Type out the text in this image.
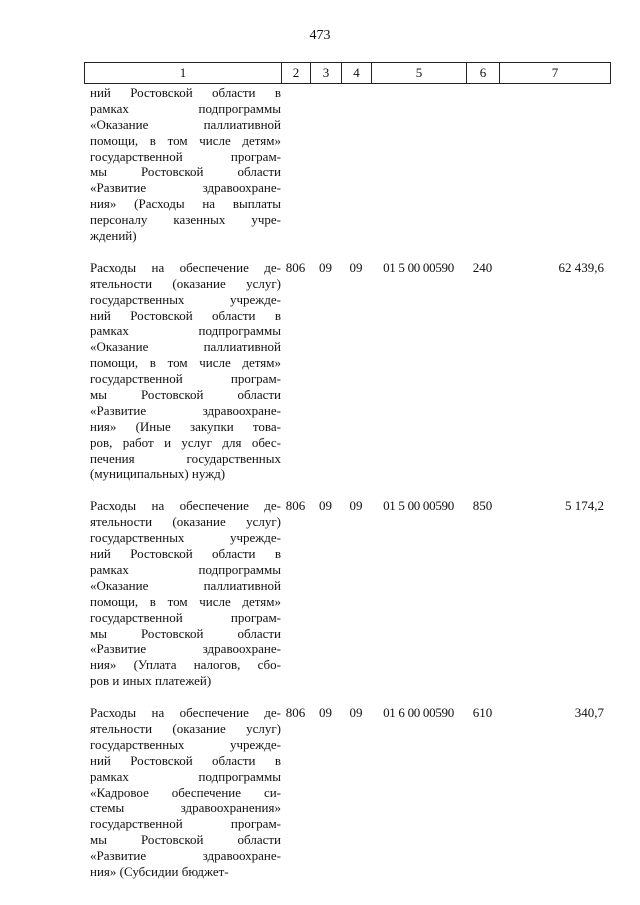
473
1	2	3	4	5	6	7
ний Ростовской области в
рамках подпрограммы
«Оказание паллиативной
помощи, в том числе детям»
государственной програм-
мы Ростовской области
«Развитие здравоохране-
ния» (Расходы на выплаты
персоналу казенных учре-
ждений)
Расходы на обеспечение де-
ятельности (оказание услуг)
государственных учрежде-
ний Ростовской области в
рамках подпрограммы
«Оказание паллиативной
помощи, в том числе детям»
государственной програм-
мы Ростовской области
«Развитие здравоохране-
ния» (Иные закупки това-
ров, работ и услуг для обес-
печения государственных
(муниципальных) нужд)
806	09	09	01 5 00 00590	240	62 439,6
Расходы на обеспечение де-
ятельности (оказание услуг)
государственных учрежде-
ний Ростовской области в
рамках подпрограммы
«Оказание паллиативной
помощи, в том числе детям»
государственной програм-
мы Ростовской области
«Развитие здравоохране-
ния» (Уплата налогов, сбо-
ров и иных платежей)
806	09	09	01 5 00 00590	850	5 174,2
Расходы на обеспечение де-
ятельности (оказание услуг)
государственных учрежде-
ний Ростовской области в
рамках подпрограммы
«Кадровое обеспечение си-
стемы здравоохранения»
государственной програм-
мы Ростовской области
«Развитие здравоохране-
ния» (Субсидии бюджет-
806	09	09	01 6 00 00590	610	340,7
